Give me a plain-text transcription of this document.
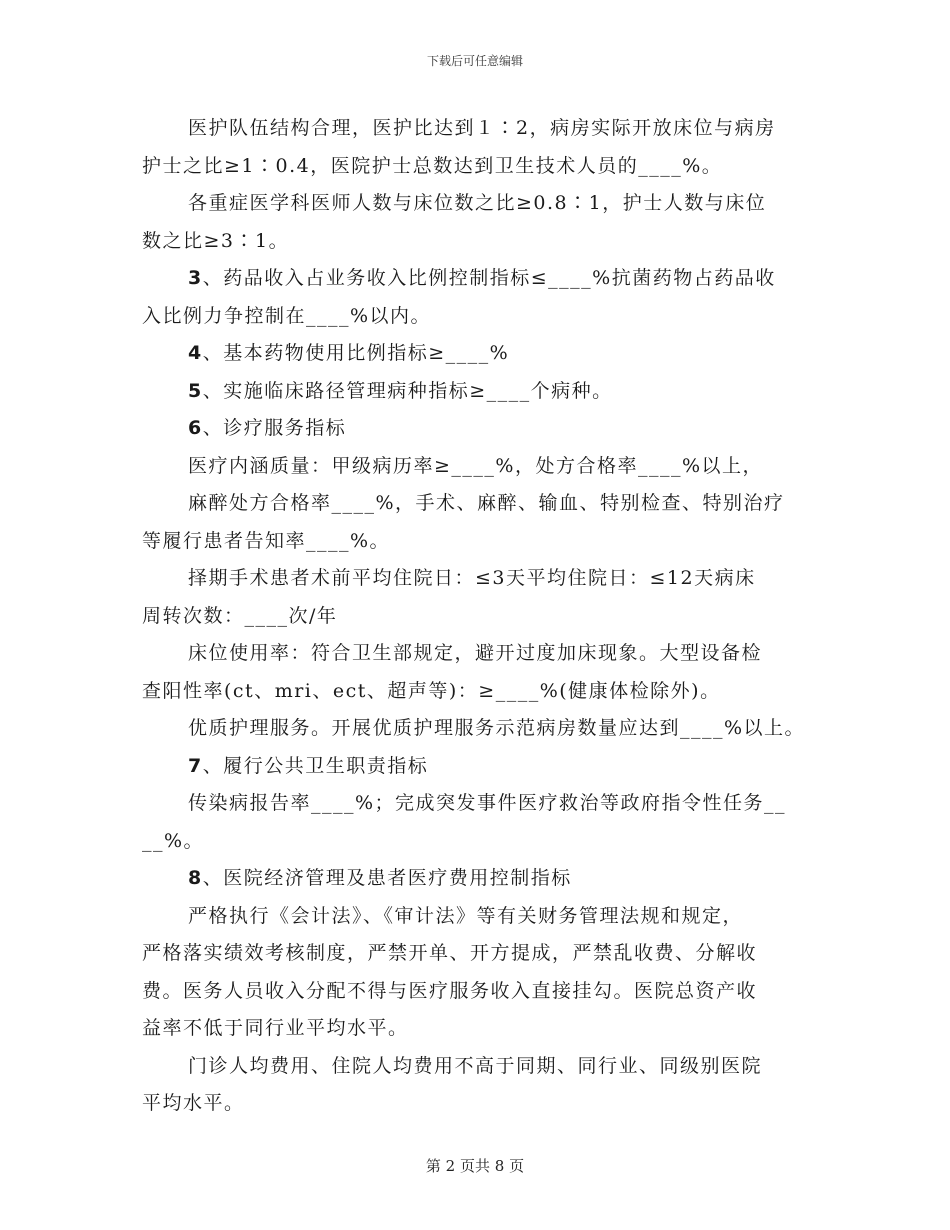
下载后可任意编辑
医护队伍结构合理，医护比达到１∶2，病房实际开放床位与病房
护士之比≥1∶0.4，医院护士总数达到卫生技术人员的____%。
各重症医学科医师人数与床位数之比≥0.8∶1，护士人数与床位
数之比≥3∶1。
3、药品收入占业务收入比例控制指标≤____%抗菌药物占药品收
入比例力争控制在____%以内。
4、基本药物使用比例指标≥____%
5、实施临床路径管理病种指标≥____个病种。
6、诊疗服务指标
医疗内涵质量：甲级病历率≥____%，处方合格率____%以上，
麻醉处方合格率____%，手术、麻醉、输血、特别检查、特别治疗
等履行患者告知率____%。
择期手术患者术前平均住院日：≤3天平均住院日：≤12天病床
周转次数：____次/年
床位使用率：符合卫生部规定，避开过度加床现象。大型设备检
查阳性率(ct、mri、ect、超声等)：≥____%(健康体检除外)。
优质护理服务。开展优质护理服务示范病房数量应达到____%以上。
7、履行公共卫生职责指标
传染病报告率____%；完成突发事件医疗救治等政府指令性任务__
__%。
8、医院经济管理及患者医疗费用控制指标
严格执行《会计法》、《审计法》等有关财务管理法规和规定，
严格落实绩效考核制度，严禁开单、开方提成，严禁乱收费、分解收
费。医务人员收入分配不得与医疗服务收入直接挂勾。医院总资产收
益率不低于同行业平均水平。
门诊人均费用、住院人均费用不高于同期、同行业、同级别医院
平均水平。
第 2 页共 8 页
